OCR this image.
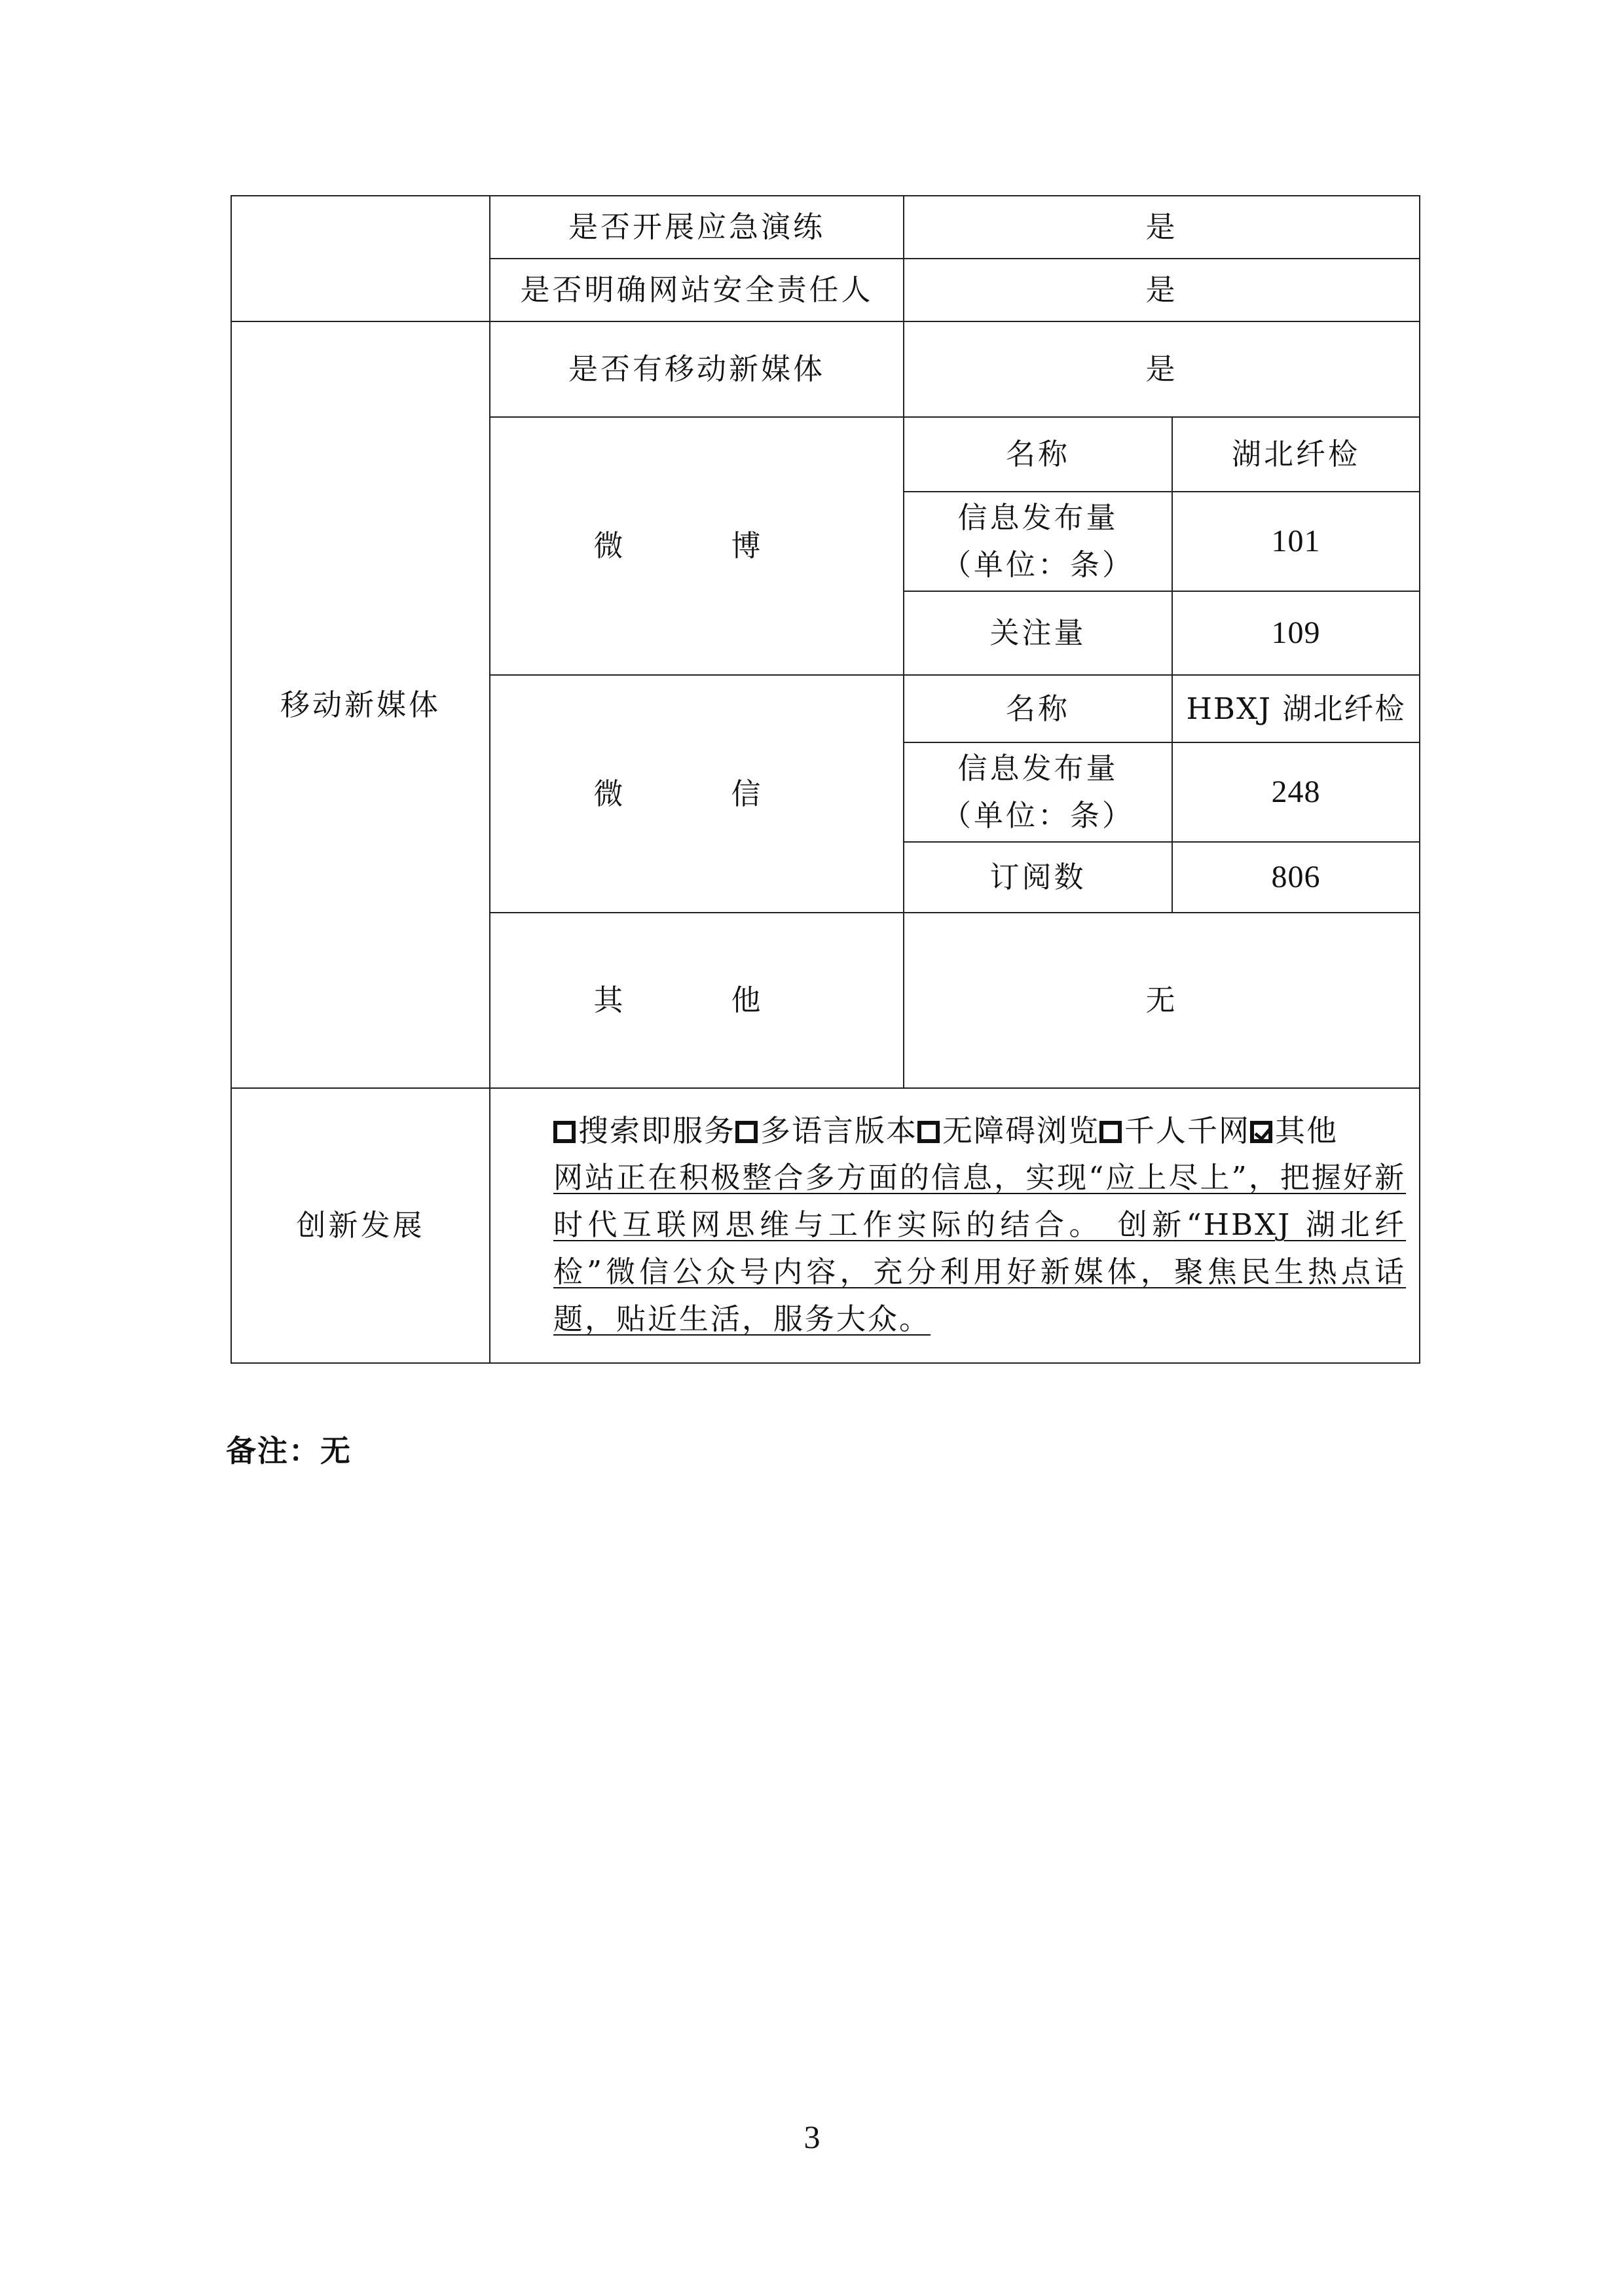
	是否开展应急演练	是	
	是否明确网站安全责任人	是	
移动新媒体	是否有移动新媒体	是	
	微　博	名称	湖北纤检

		信息发布量
（单位：条）	101
		关注量	109
	微　信	名称	HBXJ 湖北纤检

		信息发布量
（单位：条）	248
		订阅数	806
	其　他	无	
创新发展	搜索即服务 多语言版本 无障碍浏览 千人千网 其他
网站正在积极整合多方面的信息，实现“应上尽上”，把握好新时代互联网思维与工作实际的结合。 创新“HBXJ 湖北纤检”微信公众号内容，充分利用好新媒体，聚焦民生热点话题，贴近生活，服务大众。		
备注：无
3
